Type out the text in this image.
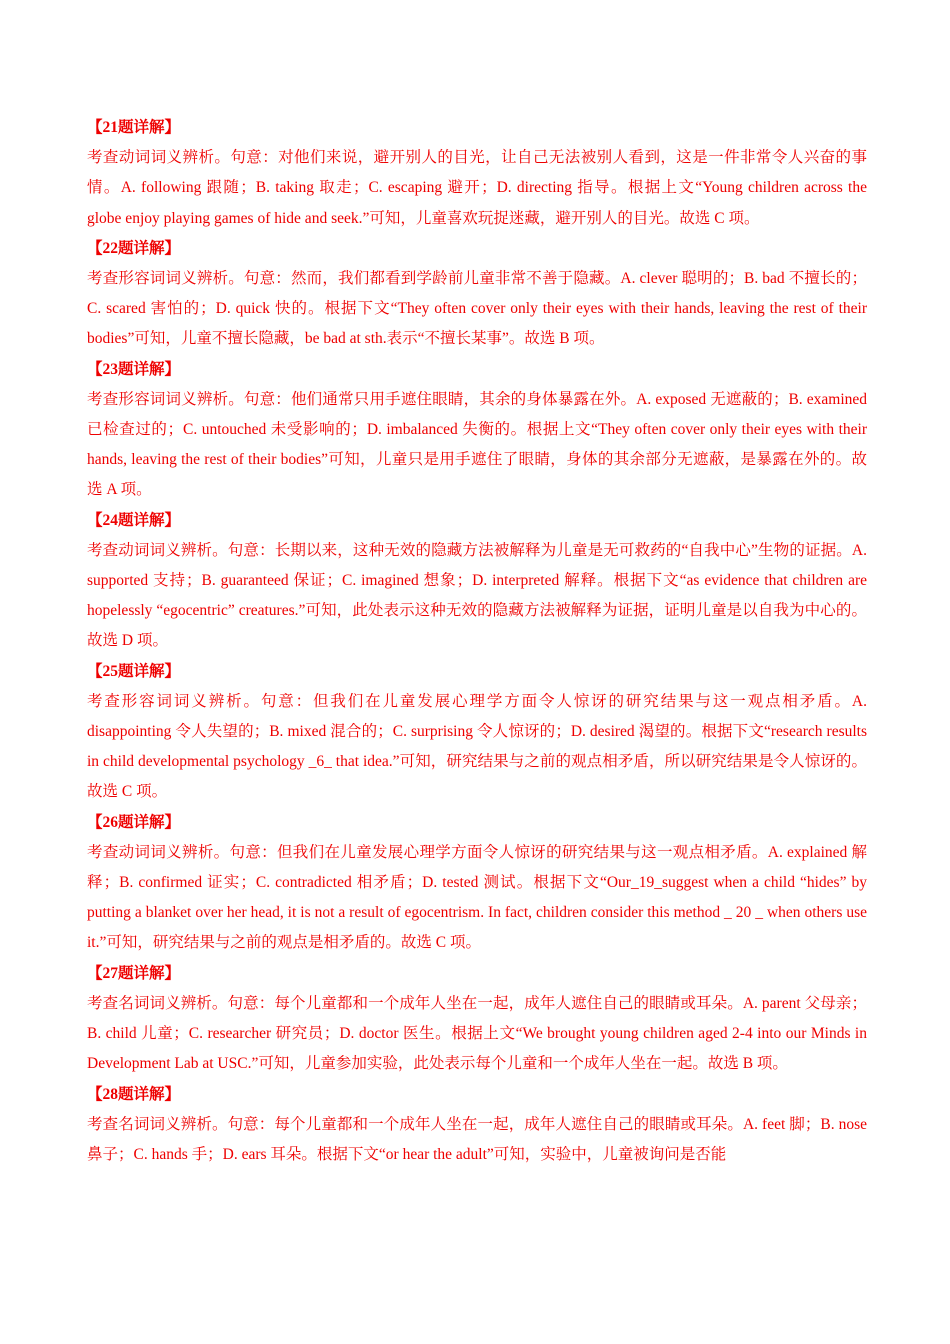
【21题详解】

考查动词词义辨析。句意：对他们来说，避开别人的目光，让自己无法被别人看到，这是一件非常令人兴奋的事情。A. following 跟随；B. taking 取走；C. escaping 避开；D. directing 指导。根据上文“Young children across the globe enjoy playing games of hide and seek.”可知，儿童喜欢玩捉迷藏，避开别人的目光。故选 C 项。

【22题详解】

考查形容词词义辨析。句意：然而，我们都看到学龄前儿童非常不善于隐藏。A. clever 聪明的；B. bad 不擅长的；C. scared 害怕的；D. quick 快的。根据下文“They often cover only their eyes with their hands, leaving the rest of their bodies”可知，儿童不擅长隐藏，be bad at sth.表示“不擅长某事”。故选 B 项。

【23题详解】

考查形容词词义辨析。句意：他们通常只用手遮住眼睛，其余的身体暴露在外。A. exposed 无遮蔽的；B. examined 已检查过的；C. untouched 未受影响的；D. imbalanced 失衡的。根据上文“They often cover only their eyes with their hands, leaving the rest of their bodies”可知，儿童只是用手遮住了眼睛，身体的其余部分无遮蔽，是暴露在外的。故选 A 项。

【24题详解】

考查动词词义辨析。句意：长期以来，这种无效的隐藏方法被解释为儿童是无可救药的“自我中心”生物的证据。A. supported 支持；B. guaranteed 保证；C. imagined 想象；D. interpreted 解释。根据下文“as evidence that children are hopelessly “egocentric” creatures.”可知，此处表示这种无效的隐藏方法被解释为证据，证明儿童是以自我为中心的。故选 D 项。

【25题详解】

考查形容词词义辨析。句意：但我们在儿童发展心理学方面令人惊讶的研究结果与这一观点相矛盾。A. disappointing 令人失望的；B. mixed 混合的；C. surprising 令人惊讶的；D. desired 渴望的。根据下文“research results in child developmental psychology _6_ that idea.”可知，研究结果与之前的观点相矛盾，所以研究结果是令人惊讶的。故选 C 项。

【26题详解】

考查动词词义辨析。句意：但我们在儿童发展心理学方面令人惊讶的研究结果与这一观点相矛盾。A. explained 解释；B. confirmed 证实；C. contradicted 相矛盾；D. tested 测试。根据下文“Our_19_suggest when a child “hides” by putting a blanket over her head, it is not a result of egocentrism. In fact, children consider this method _ 20 _ when others use it.”可知，研究结果与之前的观点是相矛盾的。故选 C 项。

【27题详解】

考查名词词义辨析。句意：每个儿童都和一个成年人坐在一起，成年人遮住自己的眼睛或耳朵。A. parent 父母亲；B. child 儿童；C. researcher 研究员；D. doctor 医生。根据上文“We brought young children aged 2-4 into our Minds in Development Lab at USC.”可知，儿童参加实验，此处表示每个儿童和一个成年人坐在一起。故选 B 项。

【28题详解】

考查名词词义辨析。句意：每个儿童都和一个成年人坐在一起，成年人遮住自己的眼睛或耳朵。A. feet 脚；B. nose 鼻子；C. hands 手；D. ears 耳朵。根据下文“or hear the adult”可知，实验中，儿童被询问是否能
